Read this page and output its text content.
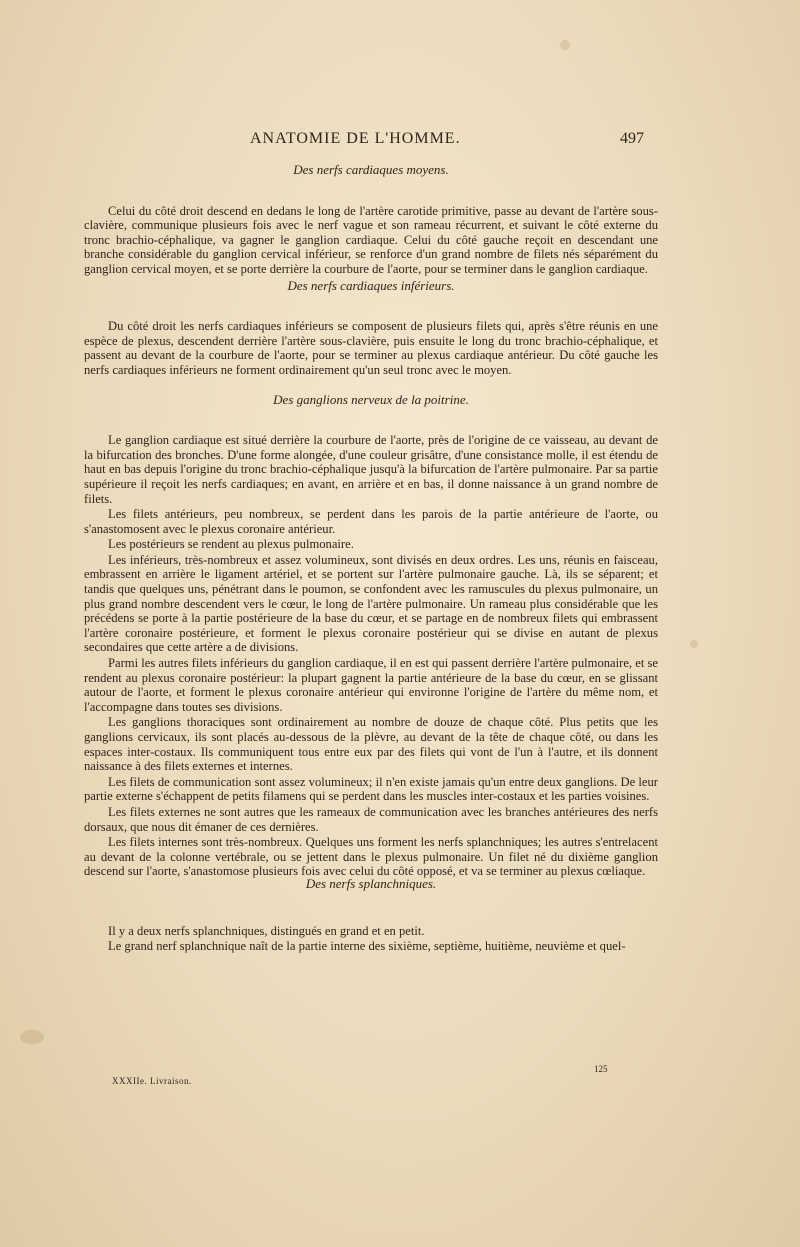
ANATOMIE DE L'HOMME.	497
Des nerfs cardiaques moyens.

Celui du côté droit descend en dedans le long de l'artère carotide primitive, passe au devant de l'artère sous-clavière, communique plusieurs fois avec le nerf vague et son rameau récurrent, et suivant le côté externe du tronc brachio-céphalique, va gagner le ganglion cardiaque. Celui du côté gauche reçoit en descendant une branche considérable du ganglion cervical inférieur, se renforce d'un grand nombre de filets nés séparément du ganglion cervical moyen, et se porte derrière la courbure de l'aorte, pour se terminer dans le ganglion cardiaque.

Des nerfs cardiaques inférieurs.

Du côté droit les nerfs cardiaques inférieurs se composent de plusieurs filets qui, après s'être réunis en une espèce de plexus, descendent derrière l'artère sous-clavière, puis ensuite le long du tronc brachio-céphalique, et passent au devant de la courbure de l'aorte, pour se terminer au plexus cardiaque antérieur. Du côté gauche les nerfs cardiaques inférieurs ne forment ordinairement qu'un seul tronc avec le moyen.

Des ganglions nerveux de la poitrine.

Le ganglion cardiaque est situé derrière la courbure de l'aorte, près de l'origine de ce vaisseau, au devant de la bifurcation des bronches. D'une forme alongée, d'une couleur grisâtre, d'une consistance molle, il est étendu de haut en bas depuis l'origine du tronc brachio-céphalique jusqu'à la bifurcation de l'artère pulmonaire. Par sa partie supérieure il reçoit les nerfs cardiaques; en avant, en arrière et en bas, il donne naissance à un grand nombre de filets.

Les filets antérieurs, peu nombreux, se perdent dans les parois de la partie antérieure de l'aorte, ou s'anastomosent avec le plexus coronaire antérieur.

Les postérieurs se rendent au plexus pulmonaire.

Les inférieurs, très-nombreux et assez volumineux, sont divisés en deux ordres. Les uns, réunis en faisceau, embrassent en arrière le ligament artériel, et se portent sur l'artère pulmonaire gauche. Là, ils se séparent; et tandis que quelques uns, pénétrant dans le poumon, se confondent avec les ramuscules du plexus pulmonaire, un plus grand nombre descendent vers le cœur, le long de l'artère pulmonaire. Un rameau plus considérable que les précédens se porte à la partie postérieure de la base du cœur, et se partage en de nombreux filets qui embrassent l'artère coronaire postérieure, et forment le plexus coronaire postérieur qui se divise en autant de plexus secondaires que cette artère a de divisions.

Parmi les autres filets inférieurs du ganglion cardiaque, il en est qui passent derrière l'artère pulmonaire, et se rendent au plexus coronaire postérieur: la plupart gagnent la partie antérieure de la base du cœur, en se glissant autour de l'aorte, et forment le plexus coronaire antérieur qui environne l'origine de l'artère du même nom, et l'accompagne dans toutes ses divisions.

Les ganglions thoraciques sont ordinairement au nombre de douze de chaque côté. Plus petits que les ganglions cervicaux, ils sont placés au-dessous de la plèvre, au devant de la tête de chaque côté, ou dans les espaces inter-costaux. Ils communiquent tous entre eux par des filets qui vont de l'un à l'autre, et ils donnent naissance à des filets externes et internes.

Les filets de communication sont assez volumineux; il n'en existe jamais qu'un entre deux ganglions. De leur partie externe s'échappent de petits filamens qui se perdent dans les muscles inter-costaux et les parties voisines.

Les filets externes ne sont autres que les rameaux de communication avec les branches antérieures des nerfs dorsaux, que nous dit émaner de ces dernières.

Les filets internes sont très-nombreux. Quelques uns forment les nerfs splanchniques; les autres s'entrelacent au devant de la colonne vertébrale, ou se jettent dans le plexus pulmonaire. Un filet né du dixième ganglion descend sur l'aorte, s'anastomose plusieurs fois avec celui du côté opposé, et va se terminer au plexus cœliaque.

Des nerfs splanchniques.

Il y a deux nerfs splanchniques, distingués en grand et en petit.

Le grand nerf splanchnique naît de la partie interne des sixième, septième, huitième, neuvième et quel-

XXXIIe. Livraison.
125
